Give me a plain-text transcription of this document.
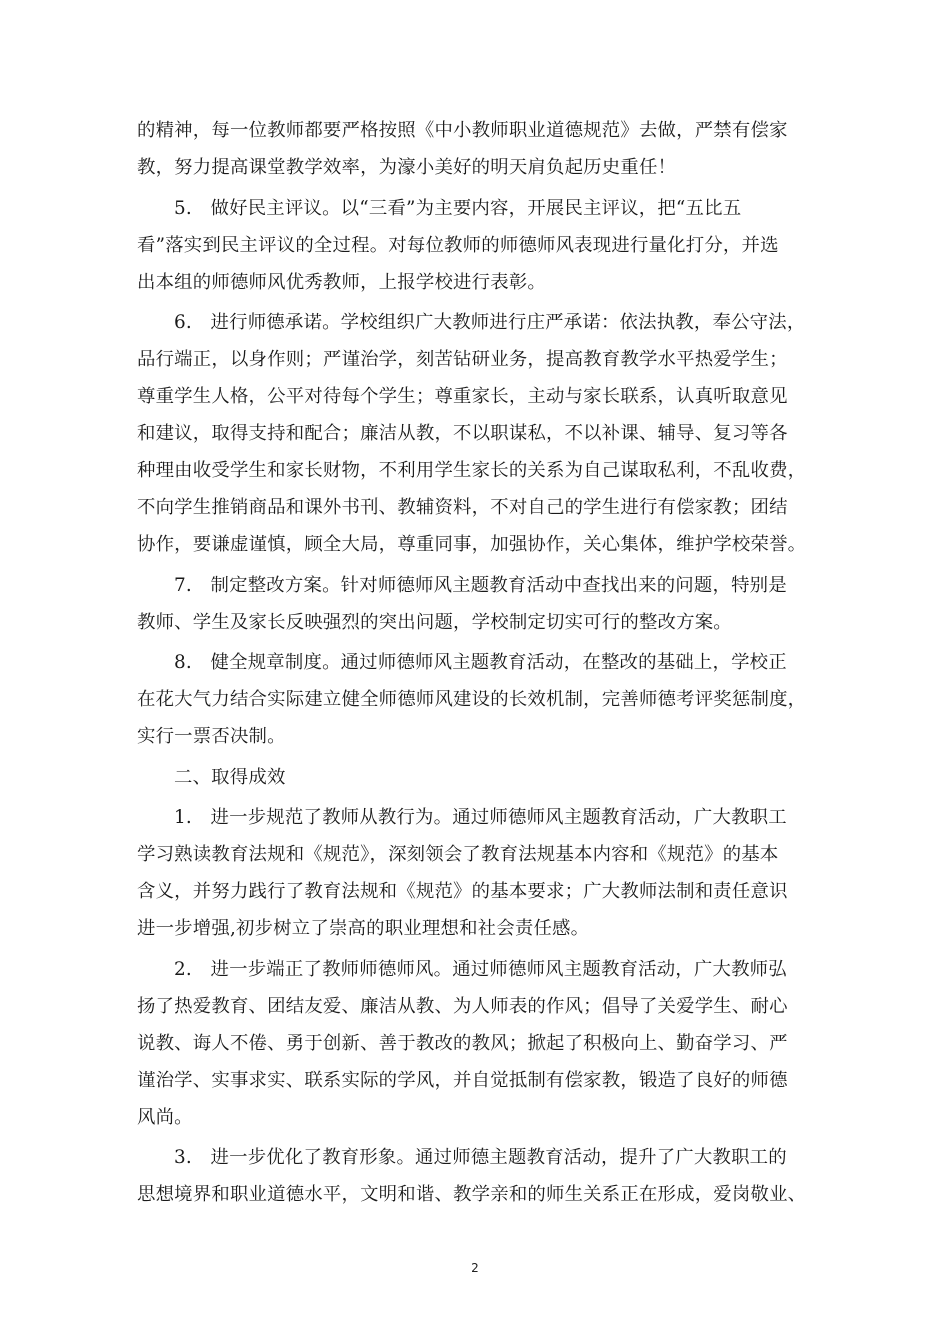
的精神，每一位教师都要严格按照《中小教师职业道德规范》去做，严禁有偿家
教，努力提高课堂教学效率，为濠小美好的明天肩负起历史重任！
5.　做好民主评议。以“三看”为主要内容，开展民主评议，把“五比五
看”落实到民主评议的全过程。对每位教师的师德师风表现进行量化打分，并选
出本组的师德师风优秀教师，上报学校进行表彰。
6.　进行师德承诺。学校组织广大教师进行庄严承诺：依法执教，奉公守法，
品行端正，以身作则；严谨治学，刻苦钻研业务，提高教育教学水平热爱学生；
尊重学生人格，公平对待每个学生；尊重家长，主动与家长联系，认真听取意见
和建议，取得支持和配合；廉洁从教，不以职谋私，不以补课、辅导、复习等各
种理由收受学生和家长财物，不利用学生家长的关系为自己谋取私利，不乱收费，
不向学生推销商品和课外书刊、教辅资料，不对自己的学生进行有偿家教；团结
协作，要谦虚谨慎，顾全大局，尊重同事，加强协作，关心集体，维护学校荣誉。
7.　制定整改方案。针对师德师风主题教育活动中查找出来的问题，特别是
教师、学生及家长反映强烈的突出问题，学校制定切实可行的整改方案。
8.　健全规章制度。通过师德师风主题教育活动，在整改的基础上，学校正
在花大气力结合实际建立健全师德师风建设的长效机制，完善师德考评奖惩制度，
实行一票否决制。
二、取得成效
1.　进一步规范了教师从教行为。通过师德师风主题教育活动，广大教职工
学习熟读教育法规和《规范》，深刻领会了教育法规基本内容和《规范》的基本
含义，并努力践行了教育法规和《规范》的基本要求；广大教师法制和责任意识
进一步增强,初步树立了崇高的职业理想和社会责任感。
2.　进一步端正了教师师德师风。通过师德师风主题教育活动，广大教师弘
扬了热爱教育、团结友爱、廉洁从教、为人师表的作风；倡导了关爱学生、耐心
说教、诲人不倦、勇于创新、善于教改的教风；掀起了积极向上、勤奋学习、严
谨治学、实事求实、联系实际的学风，并自觉抵制有偿家教，锻造了良好的师德
风尚。
3.　进一步优化了教育形象。通过师德主题教育活动，提升了广大教职工的
思想境界和职业道德水平，文明和谐、教学亲和的师生关系正在形成，爱岗敬业、
2
